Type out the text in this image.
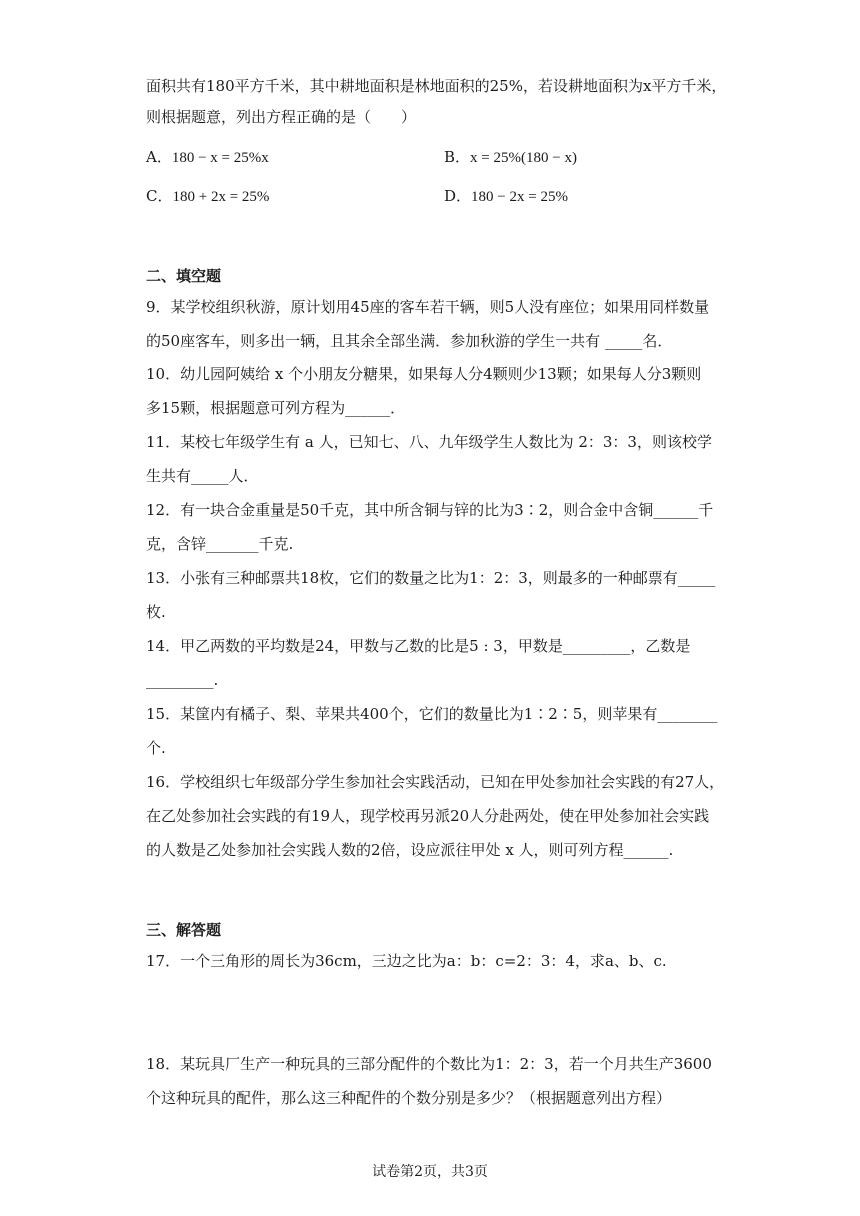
面积共有180平方千米，其中耕地面积是林地面积的25%，若设耕地面积为x平方千米，
则根据题意，列出方程正确的是（　　）
A．180 − x = 25%x	B．x = 25%(180 − x)
C．180 + 2x = 25%	D．180 − 2x = 25%
二、填空题
9．某学校组织秋游，原计划用45座的客车若干辆，则5人没有座位；如果用同样数量
的50座客车，则多出一辆，且其余全部坐满．参加秋游的学生一共有 _____名．
10．幼儿园阿姨给 x 个小朋友分糖果，如果每人分4颗则少13颗；如果每人分3颗则
多15颗，根据题意可列方程为______．
11．某校七年级学生有 a 人，已知七、八、九年级学生人数比为 2：3：3，则该校学
生共有_____人．
12．有一块合金重量是50千克，其中所含铜与锌的比为3∶2，则合金中含铜______千
克，含锌_______千克.
13．小张有三种邮票共18枚，它们的数量之比为1：2：3，则最多的一种邮票有_____
枚.
14．甲乙两数的平均数是24，甲数与乙数的比是5 : 3，甲数是_________，乙数是
_________.
15．某筐内有橘子、梨、苹果共400个，它们的数量比为1∶2∶5，则苹果有________
个.
16．学校组织七年级部分学生参加社会实践活动，已知在甲处参加社会实践的有27人，
在乙处参加社会实践的有19人，现学校再另派20人分赴两处，使在甲处参加社会实践
的人数是乙处参加社会实践人数的2倍，设应派往甲处 x 人，则可列方程______.
三、解答题
17．一个三角形的周长为36cm，三边之比为a：b：c=2：3：4，求a、b、c.
18．某玩具厂生产一种玩具的三部分配件的个数比为1：2：3，若一个月共生产3600
个这种玩具的配件，那么这三种配件的个数分别是多少？（根据题意列出方程）
试卷第2页，共3页
